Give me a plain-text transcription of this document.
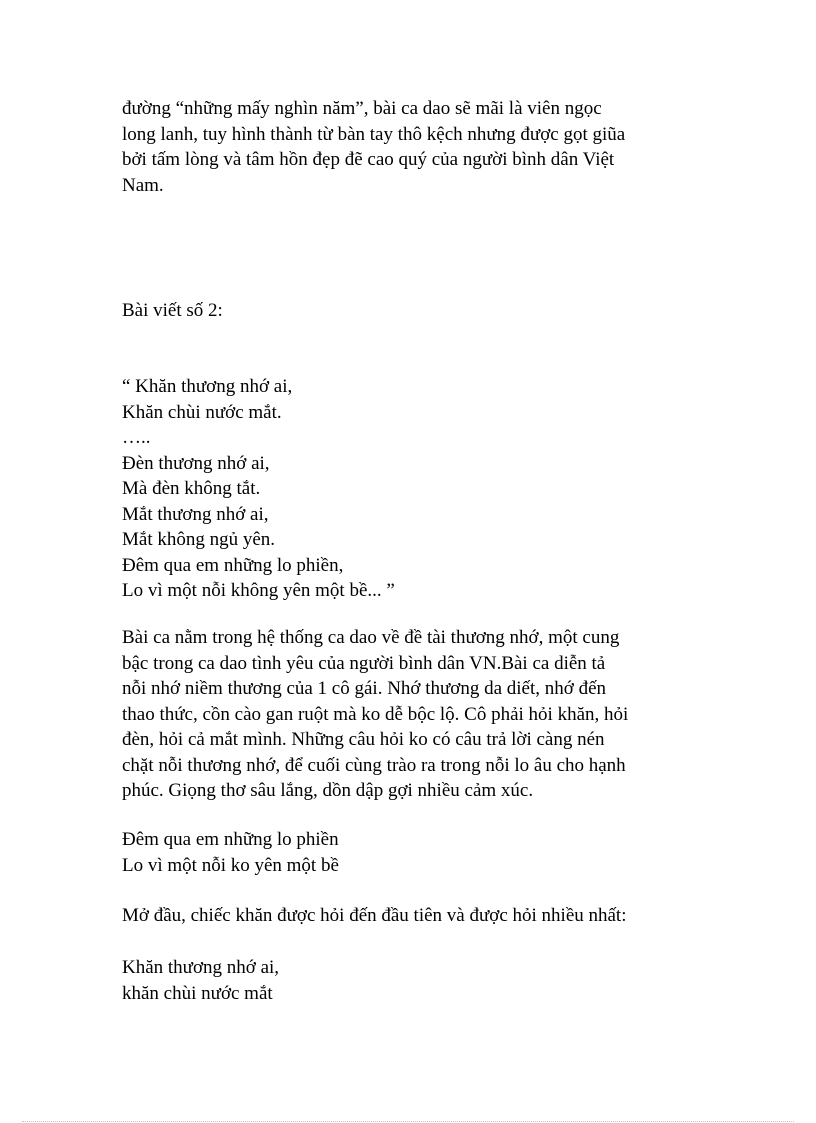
đường “những mấy nghìn năm”, bài ca dao sẽ mãi là viên ngọc
long lanh, tuy hình thành từ bàn tay thô kệch nhưng được gọt giũa
bởi tấm lòng và tâm hồn đẹp đẽ cao quý của người bình dân Việt
Nam.
Bài viết số 2:
“ Khăn thương nhớ ai,
Khăn chùi nước mắt.
…..
Đèn thương nhớ ai,
Mà đèn không tắt.
Mắt thương nhớ ai,
Mắt không ngủ yên.
Đêm qua em những lo phiền,
Lo vì một nỗi không yên một bề... ”
Bài ca nằm trong hệ thống ca dao về đề tài thương nhớ, một cung
bậc trong ca dao tình yêu của người bình dân VN.Bài ca diễn tả
nỗi nhớ niềm thương của 1 cô gái. Nhớ thương da diết, nhớ đến
thao thức, cồn cào gan ruột mà ko dễ bộc lộ. Cô phải hỏi khăn, hỏi
đèn, hỏi cả mắt mình. Những câu hỏi ko có câu trả lời càng nén
chặt nỗi thương nhớ, để cuối cùng trào ra trong nỗi lo âu cho hạnh
phúc. Giọng thơ sâu lắng, dồn dập gợi nhiều cảm xúc.
Đêm qua em những lo phiền
Lo vì một nỗi ko yên một bề
Mở đầu, chiếc khăn được hỏi đến đầu tiên và được hỏi nhiều nhất:
Khăn thương nhớ ai,
khăn chùi nước mắt
